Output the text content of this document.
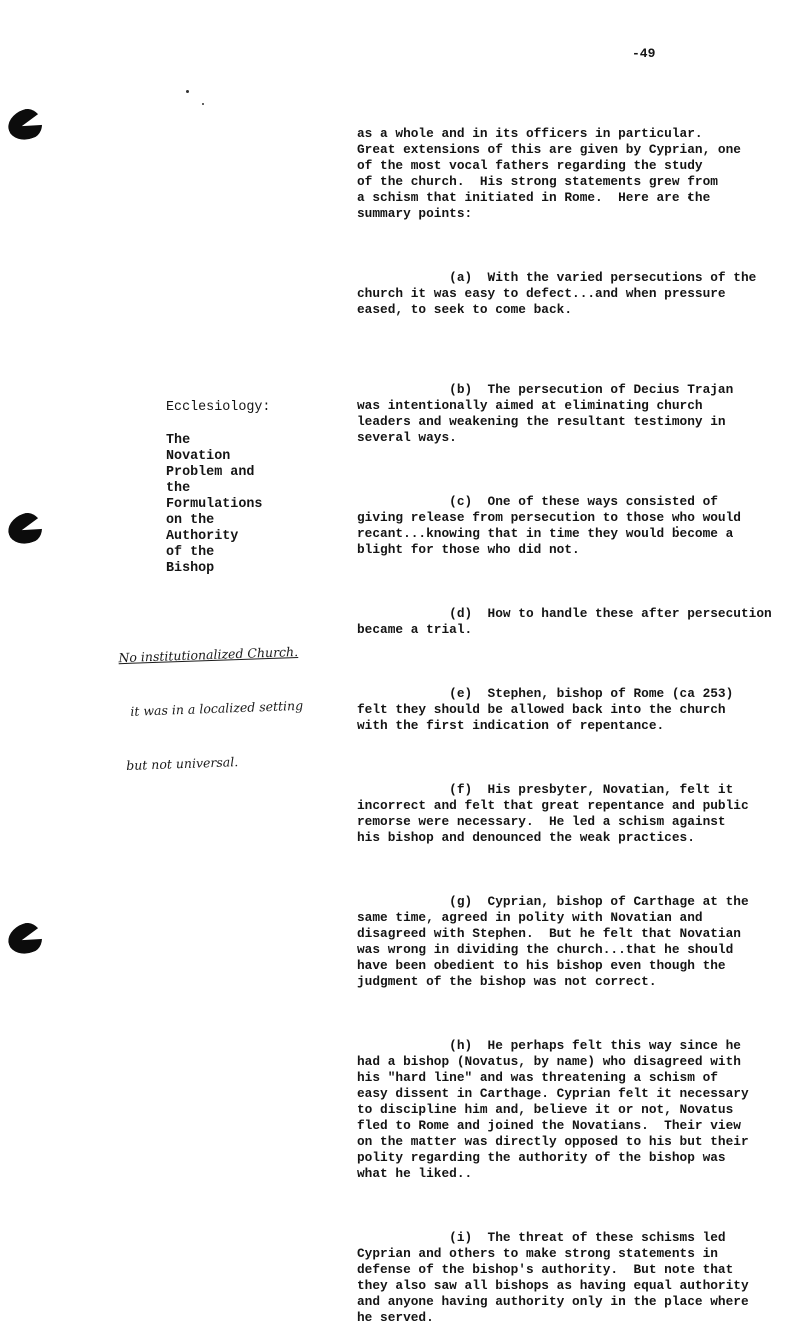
-49
Ecclesiology:
The
Novation
Problem and
the
Formulations
on the
Authority
of the
Bishop

No institutionalized Church.

it was in a localized setting

but not universal.

as a whole and in its officers in particular.
Great extensions of this are given by Cyprian, one
of the most vocal fathers regarding the study
of the church.  His strong statements grew from
a schism that initiated in Rome.  Here are the
summary points:

(a)  With the varied persecutions of the
church it was easy to defect...and when pressure
eased, to seek to come back.

(b)  The persecution of Decius Trajan
was intentionally aimed at eliminating church
leaders and weakening the resultant testimony in
several ways.

(c)  One of these ways consisted of
giving release from persecution to those who would
recant...knowing that in time they would become a
blight for those who did not.

(d)  How to handle these after persecution
became a trial.

(e)  Stephen, bishop of Rome (ca 253)
felt they should be allowed back into the church
with the first indication of repentance.

(f)  His presbyter, Novatian, felt it
incorrect and felt that great repentance and public
remorse were necessary.  He led a schism against
his bishop and denounced the weak practices.

(g)  Cyprian, bishop of Carthage at the
same time, agreed in polity with Novatian and
disagreed with Stephen.  But he felt that Novatian
was wrong in dividing the church...that he should
have been obedient to his bishop even though the
judgment of the bishop was not correct.

(h)  He perhaps felt this way since he
had a bishop (Novatus, by name) who disagreed with
his "hard line" and was threatening a schism of
easy dissent in Carthage. Cyprian felt it necessary
to discipline him and, believe it or not, Novatus
fled to Rome and joined the Novatians.  Their view
on the matter was directly opposed to his but their
polity regarding the authority of the bishop was
what he liked..

(i)  The threat of these schisms led
Cyprian and others to make strong statements in
defense of the bishop's authority.  But note that
they also saw all bishops as having equal authority
and anyone having authority only in the place where
he served.
